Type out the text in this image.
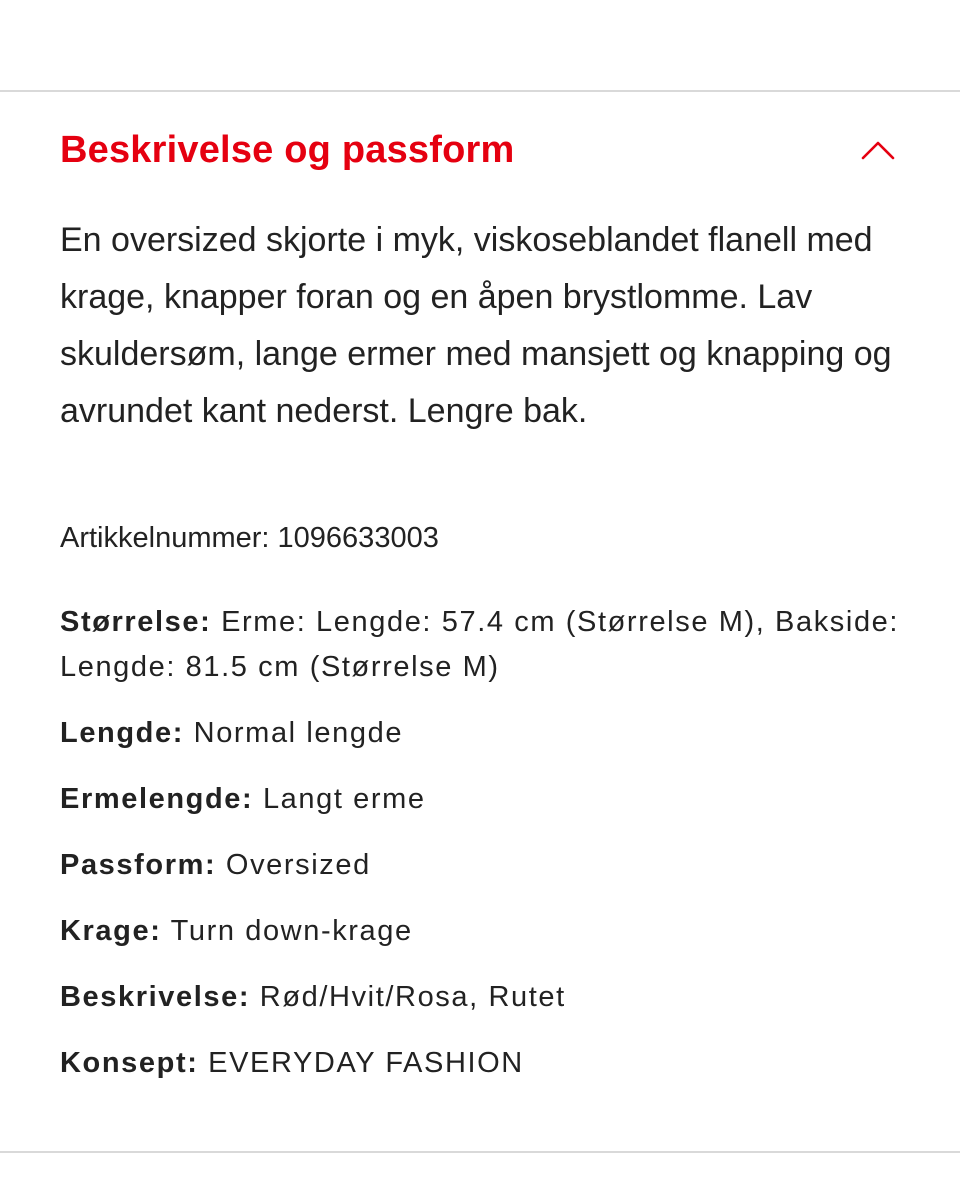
Beskrivelse og passform

En oversized skjorte i myk, viskoseblandet flanell med krage, knapper foran og en åpen brystlomme. Lav skuldersøm, lange ermer med mansjett og knapping og avrundet kant nederst. Lengre bak.

Artikkelnummer: 1096633003
Størrelse: Erme: Lengde: 57.4 cm (Størrelse M), Bakside: Lengde: 81.5 cm (Størrelse M)
Lengde: Normal lengde
Ermelengde: Langt erme
Passform: Oversized
Krage: Turn down-krage
Beskrivelse: Rød/Hvit/Rosa, Rutet
Konsept: EVERYDAY FASHION
